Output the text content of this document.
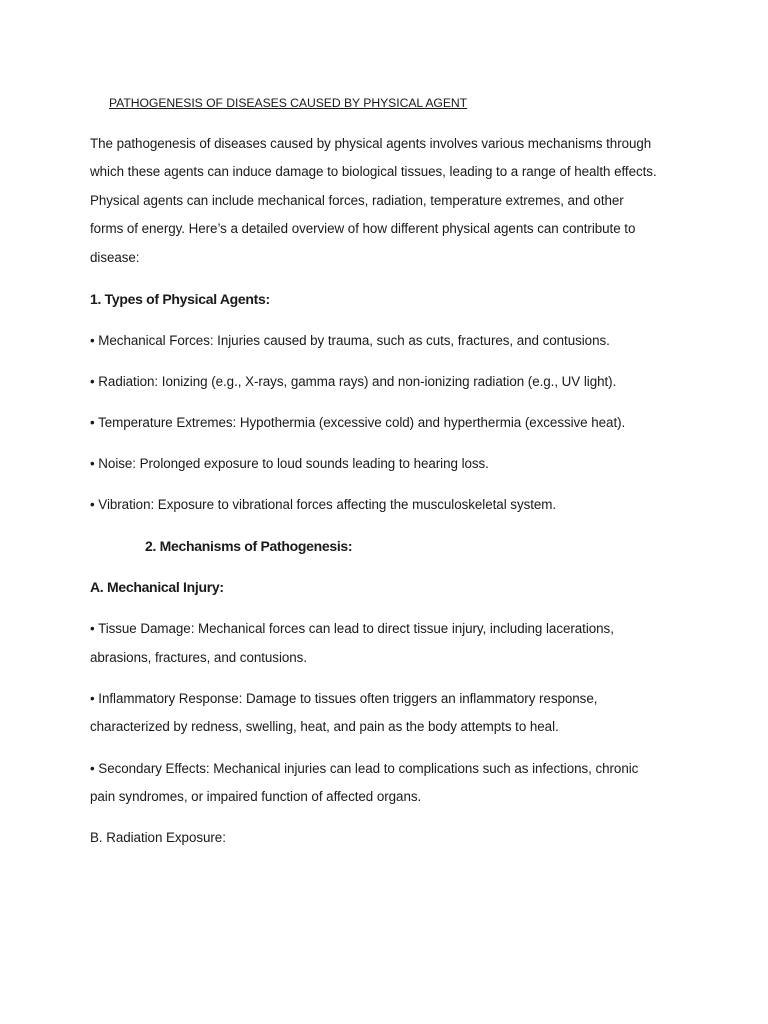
PATHOGENESIS OF DISEASES CAUSED BY PHYSICAL AGENT

The pathogenesis of diseases caused by physical agents involves various mechanisms through

which these agents can induce damage to biological tissues, leading to a range of health effects.

Physical agents can include mechanical forces, radiation, temperature extremes, and other

forms of energy. Here’s a detailed overview of how different physical agents can contribute to

disease:

1. Types of Physical Agents:

• Mechanical Forces: Injuries caused by trauma, such as cuts, fractures, and contusions.

• Radiation: Ionizing (e.g., X-rays, gamma rays) and non-ionizing radiation (e.g., UV light).

• Temperature Extremes: Hypothermia (excessive cold) and hyperthermia (excessive heat).

• Noise: Prolonged exposure to loud sounds leading to hearing loss.

• Vibration: Exposure to vibrational forces affecting the musculoskeletal system.

2. Mechanisms of Pathogenesis:

A. Mechanical Injury:

• Tissue Damage: Mechanical forces can lead to direct tissue injury, including lacerations,

abrasions, fractures, and contusions.

• Inflammatory Response: Damage to tissues often triggers an inflammatory response,

characterized by redness, swelling, heat, and pain as the body attempts to heal.

• Secondary Effects: Mechanical injuries can lead to complications such as infections, chronic

pain syndromes, or impaired function of affected organs.

B. Radiation Exposure:
